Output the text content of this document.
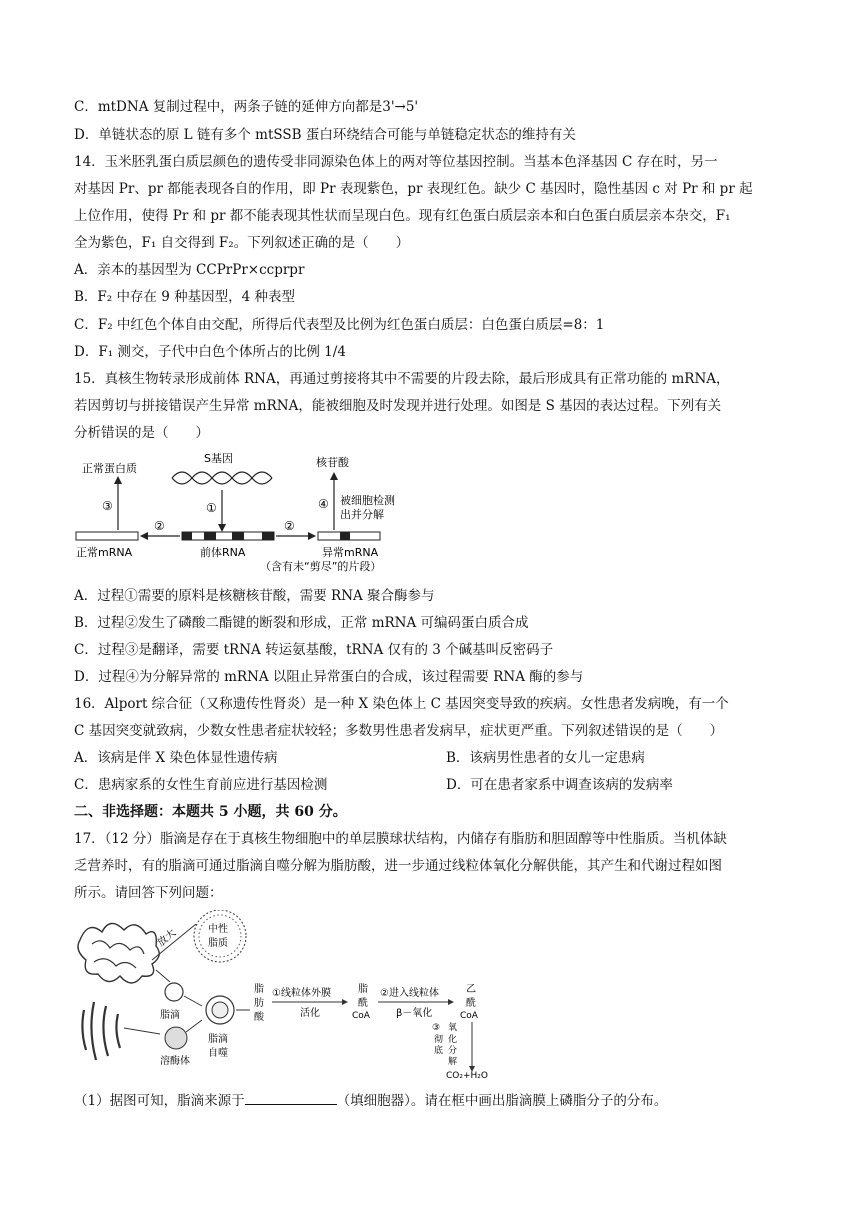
C．mtDNA 复制过程中，两条子链的延伸方向都是3'→5'
D．单链状态的原 L 链有多个 mtSSB 蛋白环绕结合可能与单链稳定状态的维持有关
14．玉米胚乳蛋白质层颜色的遗传受非同源染色体上的两对等位基因控制。当基本色泽基因 C 存在时，另一
对基因 Pr、pr 都能表现各自的作用，即 Pr 表现紫色，pr 表现红色。缺少 C 基因时，隐性基因 c 对 Pr 和 pr 起
上位作用，使得 Pr 和 pr 都不能表现其性状而呈现白色。现有红色蛋白质层亲本和白色蛋白质层亲本杂交，F₁
全为紫色，F₁ 自交得到 F₂。下列叙述正确的是（　　）
A．亲本的基因型为 CCPrPr×ccprpr
B．F₂ 中存在 9 种基因型，4 种表型
C．F₂ 中红色个体自由交配，所得后代表型及比例为红色蛋白质层：白色蛋白质层=8：1
D．F₁ 测交，子代中白色个体所占的比例 1/4
15．真核生物转录形成前体 RNA，再通过剪接将其中不需要的片段去除，最后形成具有正常功能的 mRNA，
若因剪切与拼接错误产生异常 mRNA，能被细胞及时发现并进行处理。如图是 S 基因的表达过程。下列有关
分析错误的是（　　）
S基因
①
前体RNA
②
正常mRNA
③
正常蛋白质
②
异常mRNA
（含有未“剪尽”的片段）
④ 被细胞检测
出并分解
核苷酸
A．过程①需要的原料是核糖核苷酸，需要 RNA 聚合酶参与
B．过程②发生了磷酸二酯键的断裂和形成，正常 mRNA 可编码蛋白质合成
C．过程③是翻译，需要 tRNA 转运氨基酸，tRNA 仅有的 3 个碱基叫反密码子
D．过程④为分解异常的 mRNA 以阻止异常蛋白的合成，该过程需要 RNA 酶的参与
16．Alport 综合征（又称遗传性肾炎）是一种 X 染色体上 C 基因突变导致的疾病。女性患者发病晚，有一个
C 基因突变就致病，少数女性患者症状较轻；多数男性患者发病早，症状更严重。下列叙述错误的是（　　）
A．该病是伴 X 染色体显性遗传病	B．该病男性患者的女儿一定患病
C．患病家系的女性生育前应进行基因检测	D．可在患者家系中调查该病的发病率
二、非选择题：本题共 5 小题，共 60 分。
17．（12 分）脂滴是存在于真核生物细胞中的单层膜球状结构，内储存有脂肪和胆固醇等中性脂质。当机体缺
乏营养时，有的脂滴可通过脂滴自噬分解为脂肪酸，进一步通过线粒体氧化分解供能，其产生和代谢过程如图
所示。请回答下列问题：
放大	中性
脂质
脂滴
溶酶体
脂滴
自噬
脂
肪
酸
①线粒体外膜
活化
脂
酰
CoA
②进入线粒体
β－氧化
乙
酰
CoA
③
彻
底
氧
化
分
解
CO₂+H₂O
（1）据图可知，脂滴来源于	（填细胞器）。请在框中画出脂滴膜上磷脂分子的分布。
